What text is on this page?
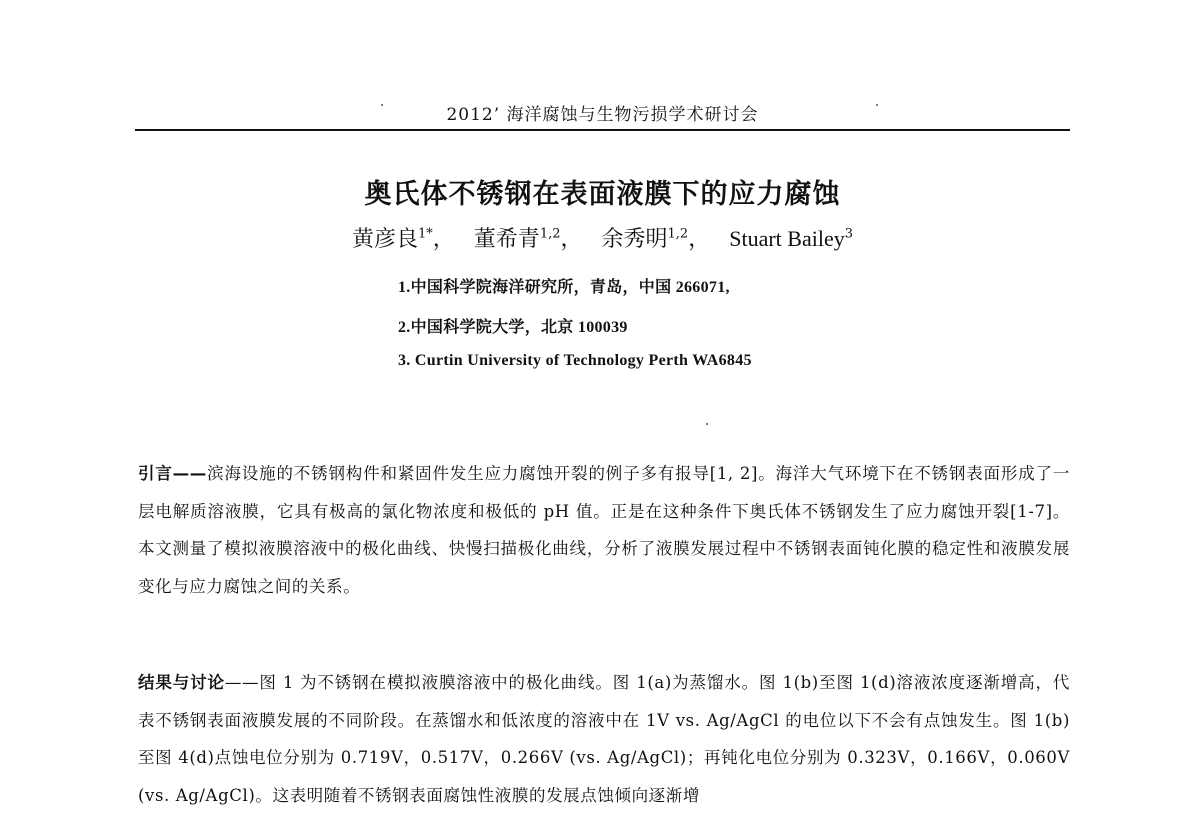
2012’ 海洋腐蚀与生物污损学术研讨会
奥氏体不锈钢在表面液膜下的应力腐蚀
黄彦良$^{1*}$， 董希青$^{1,2}$， 余秀明$^{1,2}$， Stuart Bailey$^3$
1.中国科学院海洋研究所，青岛，中国 266071,
2.中国科学院大学，北京 100039
3. Curtin University of Technology Perth WA6845
引言——滨海设施的不锈钢构件和紧固件发生应力腐蚀开裂的例子多有报导[1, 2]。海洋大气环境下在不锈钢表面形成了一层电解质溶液膜，它具有极高的氯化物浓度和极低的 pH 值。正是在这种条件下奥氏体不锈钢发生了应力腐蚀开裂[1-7]。本文测量了模拟液膜溶液中的极化曲线、快慢扫描极化曲线，分析了液膜发展过程中不锈钢表面钝化膜的稳定性和液膜发展变化与应力腐蚀之间的关系。
结果与讨论——图 1 为不锈钢在模拟液膜溶液中的极化曲线。图 1(a)为蒸馏水。图 1(b)至图 1(d)溶液浓度逐渐增高，代表不锈钢表面液膜发展的不同阶段。在蒸馏水和低浓度的溶液中在 1V vs. Ag/AgCl 的电位以下不会有点蚀发生。图 1(b)至图 4(d)点蚀电位分别为 0.719V，0.517V，0.266V (vs. Ag/AgCl)；再钝化电位分别为 0.323V，0.166V，0.060V (vs. Ag/AgCl)。这表明随着不锈钢表面腐蚀性液膜的发展点蚀倾向逐渐增
